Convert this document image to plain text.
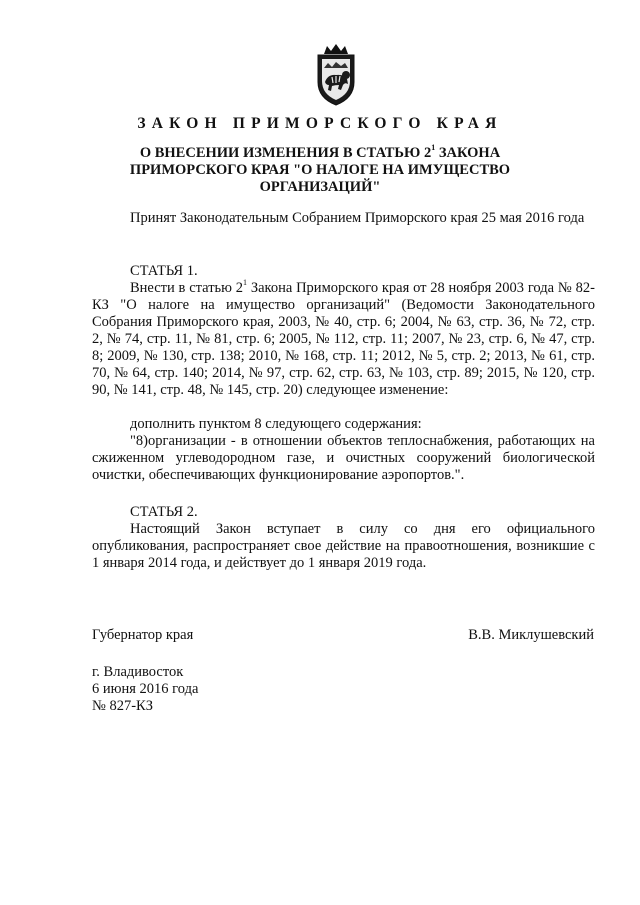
ЗАКОН ПРИМОРСКОГО КРАЯ
О ВНЕСЕНИИ ИЗМЕНЕНИЯ В СТАТЬЮ $2^1$ ЗАКОНА ПРИМОРСКОГО КРАЯ "О НАЛОГЕ НА ИМУЩЕСТВО ОРГАНИЗАЦИЙ"

Принят Законодательным Собранием Приморского края 25 мая 2016 года

СТАТЬЯ 1.

Внести в статью $2^1$ Закона Приморского края от 28 ноября 2003 года № 82-КЗ "О налоге на имущество организаций" (Ведомости Законодательного Собрания Приморского края, 2003, № 40, стр. 6; 2004, № 63, стр. 36, № 72, стр. 2, № 74, стр. 11, № 81, стр. 6; 2005, № 112, стр. 11; 2007, № 23, стр. 6, № 47, стр. 8; 2009, № 130, стр. 138; 2010, № 168, стр. 11; 2012, № 5, стр. 2; 2013, № 61, стр. 70, № 64, стр. 140; 2014, № 97, стр. 62, стр. 63, № 103, стр. 89; 2015, № 120, стр. 90, № 141, стр. 48, № 145, стр. 20) следующее изменение:

дополнить пунктом 8 следующего содержания:

"8)организации - в отношении объектов теплоснабжения, работающих на сжиженном углеводородном газе, и очистных сооружений биологической очистки, обеспечивающих функционирование аэропортов.".

СТАТЬЯ 2.

Настоящий Закон вступает в силу со дня его официального опубликования, распространяет свое действие на правоотношения, возникшие с 1 января 2014 года, и действует до 1 января 2019 года.

Губернатор края	В.В. Миклушевский

г. Владивосток

6 июня 2016 года

№ 827-КЗ
